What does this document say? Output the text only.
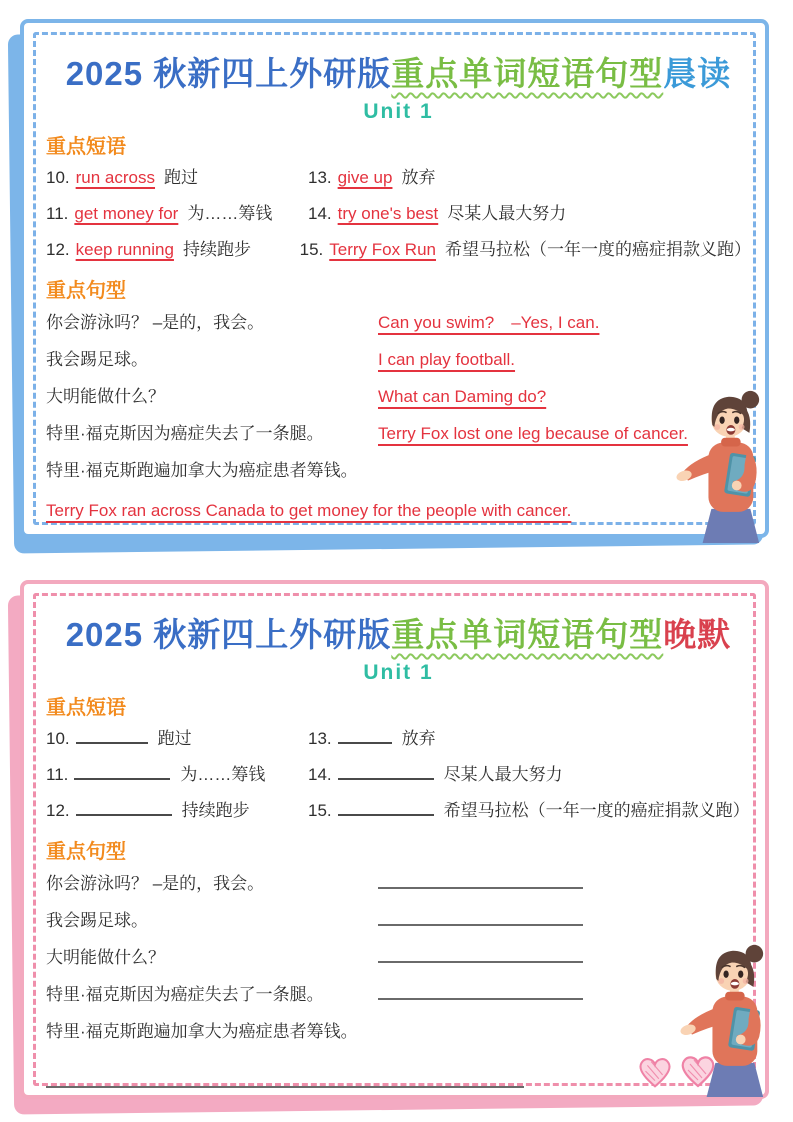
2025 秋新四上外研版重点单词短语句型晨读
Unit 1
重点短语
10. run across 跑过	13. give up 放弃
11. get money for 为……筹钱	14. try one's best 尽某人最大努力
12. keep running 持续跑步	15. Terry Fox Run 希望马拉松（一年一度的癌症捐款义跑）
重点句型
你会游泳吗？ –是的，我会。	Can you swim?　–Yes, I can.
我会踢足球。	I can play football.
大明能做什么？	What can Daming do?
特里·福克斯因为癌症失去了一条腿。	Terry Fox lost one leg because of cancer.
特里·福克斯跑遍加拿大为癌症患者筹钱。
Terry Fox ran across Canada to get money for the people with cancer.
2025 秋新四上外研版重点单词短语句型晚默
Unit 1
重点短语
10.	跑过	13.	放弃
11.	为……筹钱	14.	尽某人最大努力
12.	持续跑步	15.	希望马拉松（一年一度的癌症捐款义跑）
重点句型
你会游泳吗？ –是的，我会。
我会踢足球。
大明能做什么？
特里·福克斯因为癌症失去了一条腿。
特里·福克斯跑遍加拿大为癌症患者筹钱。
